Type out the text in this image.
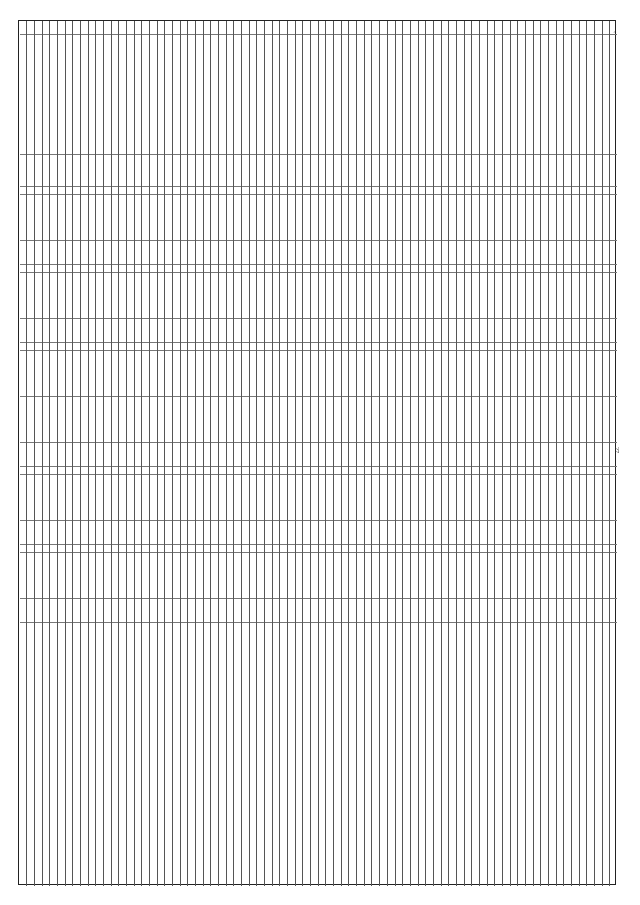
1)
27
